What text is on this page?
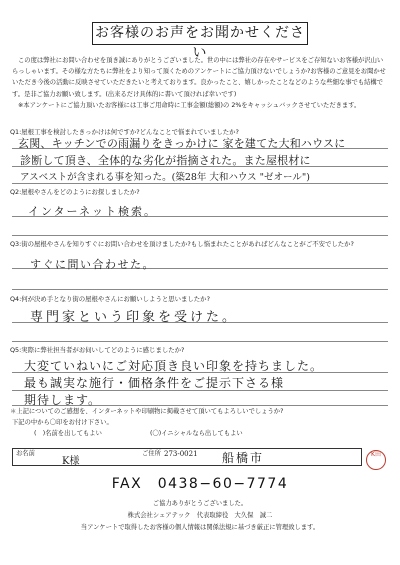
お客様のお声をお聞かせください

この度は弊社にお問い合わせを頂き誠にありがとうございました。世の中には弊社の存在やサービスをご存知ないお客様が沢山いらっしゃいます。その様な方たちに弊社をより知って頂くためのアンケートにご協力頂けないでしょうか?お客様のご意見をお聞かせいただき今後の活動に反映させていただきたいと考えております。良かったこと、嬉しかったことなどのような些細な事でも結構です。是非ご協力お願い致します。(出来るだけ具体的に書いて頂ければ幸いです)

※本アンケートにご協力頂いたお客様には工事ご用命時に工事金額(総額)の 2%をキャッシュバックさせていただきます。

Q1:屋根工事を検討したきっかけは何ですか?どんなことで悩まれていましたか?
玄関、キッチンでの雨漏りをきっかけに 家を建てた大和ハウスに
診断して頂き、全体的な劣化が指摘された。また屋根材に
アスベストが含まれる事を知った。(築28年 大和ハウス "ゼオール")
Q2:屋根やさんをどのようにお探しましたか?
インターネット検索。
Q3:街の屋根やさんを知りすぐにお問い合わせを頂けましたか?もし悩まれたことがあればどんなことがご不安でしたか?
すぐに問い合わせた。
Q4:何が決め手となり街の屋根やさんにお願いしようと思いましたか?
専門家という印象を受けた。
Q5:実際に弊社担当者がお伺いしてどのように感じましたか?
大変ていねいにご対応頂き良い印象を持ちました。
最も誠実な施行・価格条件をご提示下さる様
期待します。
＊上記についてのご感想を、インターネットや印刷物に掲載させて頂いてもよろしいでしょうか?
下記の中から〇印をお付け下さい。
(　)名前を出してもよい	(〇)イニシャルなら出してもよい
お名前
K様
ご住所 273-0021 船橋市	K田
FAX　0438−60−7774
ご協力ありがとうございました。
株式会社シェアテック　代表取締役　大久保　誠二
当アンケートで取得したお客様の個人情報は関係法規に基づき厳正に管理致します。
